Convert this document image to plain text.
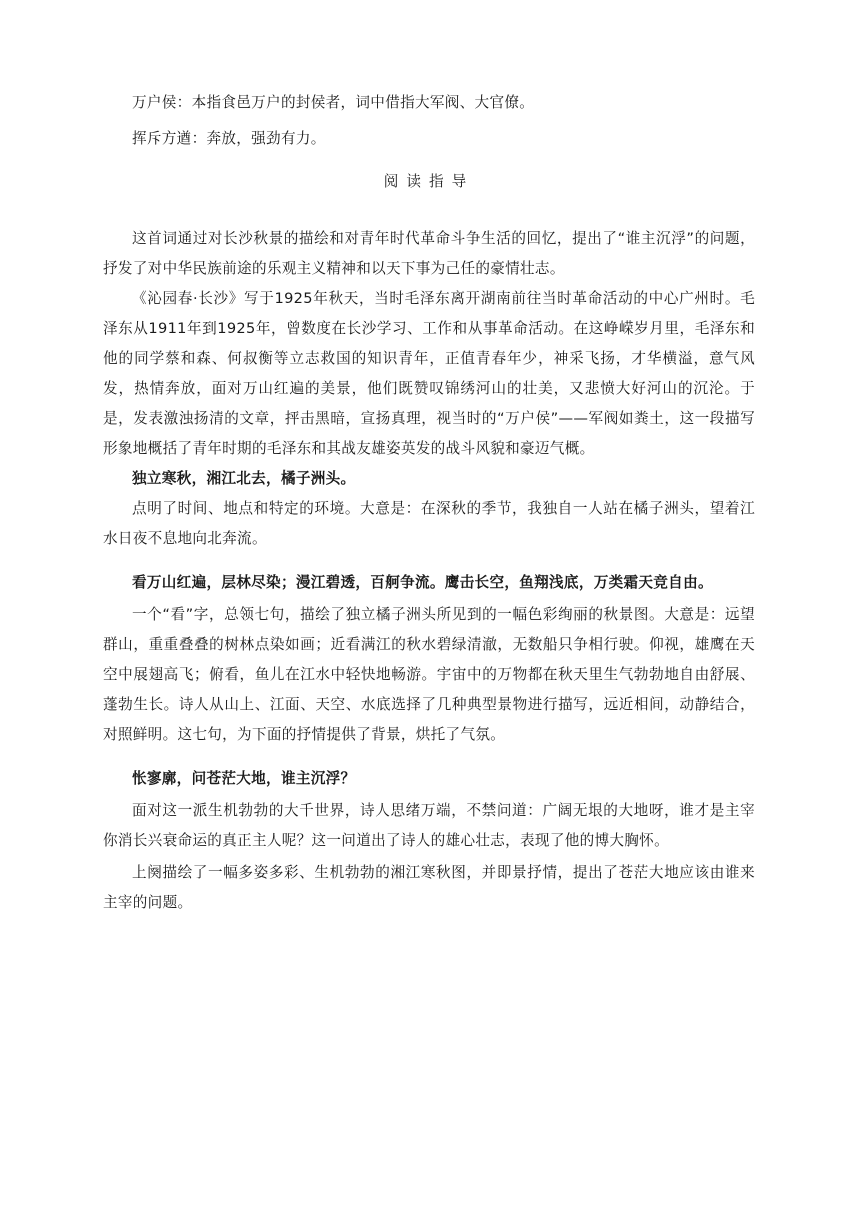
万户侯：本指食邑万户的封侯者，词中借指大军阀、大官僚。

挥斥方遒：奔放，强劲有力。

阅读指导

这首词通过对长沙秋景的描绘和对青年时代革命斗争生活的回忆，提出了“谁主沉浮”的问题，抒发了对中华民族前途的乐观主义精神和以天下事为己任的豪情壮志。

《沁园春·长沙》写于1925年秋天，当时毛泽东离开湖南前往当时革命活动的中心广州时。毛泽东从1911年到1925年，曾数度在长沙学习、工作和从事革命活动。在这峥嵘岁月里，毛泽东和他的同学蔡和森、何叔衡等立志救国的知识青年，正值青春年少，神采飞扬，才华横溢，意气风发，热情奔放，面对万山红遍的美景，他们既赞叹锦绣河山的壮美，又悲愤大好河山的沉沦。于是，发表激浊扬清的文章，抨击黑暗，宣扬真理，视当时的“万户侯”——军阀如粪土，这一段描写形象地概括了青年时期的毛泽东和其战友雄姿英发的战斗风貌和豪迈气概。

独立寒秋，湘江北去，橘子洲头。

点明了时间、地点和特定的环境。大意是：在深秋的季节，我独自一人站在橘子洲头，望着江水日夜不息地向北奔流。

看万山红遍，层林尽染；漫江碧透，百舸争流。鹰击长空，鱼翔浅底，万类霜天竞自由。

一个“看”字，总领七句，描绘了独立橘子洲头所见到的一幅色彩绚丽的秋景图。大意是：远望群山，重重叠叠的树林点染如画；近看满江的秋水碧绿清澈，无数船只争相行驶。仰视，雄鹰在天空中展翅高飞；俯看，鱼儿在江水中轻快地畅游。宇宙中的万物都在秋天里生气勃勃地自由舒展、蓬勃生长。诗人从山上、江面、天空、水底选择了几种典型景物进行描写，远近相间，动静结合，对照鲜明。这七句，为下面的抒情提供了背景，烘托了气氛。

怅寥廓，问苍茫大地，谁主沉浮？

面对这一派生机勃勃的大千世界，诗人思绪万端，不禁问道：广阔无垠的大地呀，谁才是主宰你消长兴衰命运的真正主人呢？这一问道出了诗人的雄心壮志，表现了他的博大胸怀。

上阕描绘了一幅多姿多彩、生机勃勃的湘江寒秋图，并即景抒情，提出了苍茫大地应该由谁来主宰的问题。
